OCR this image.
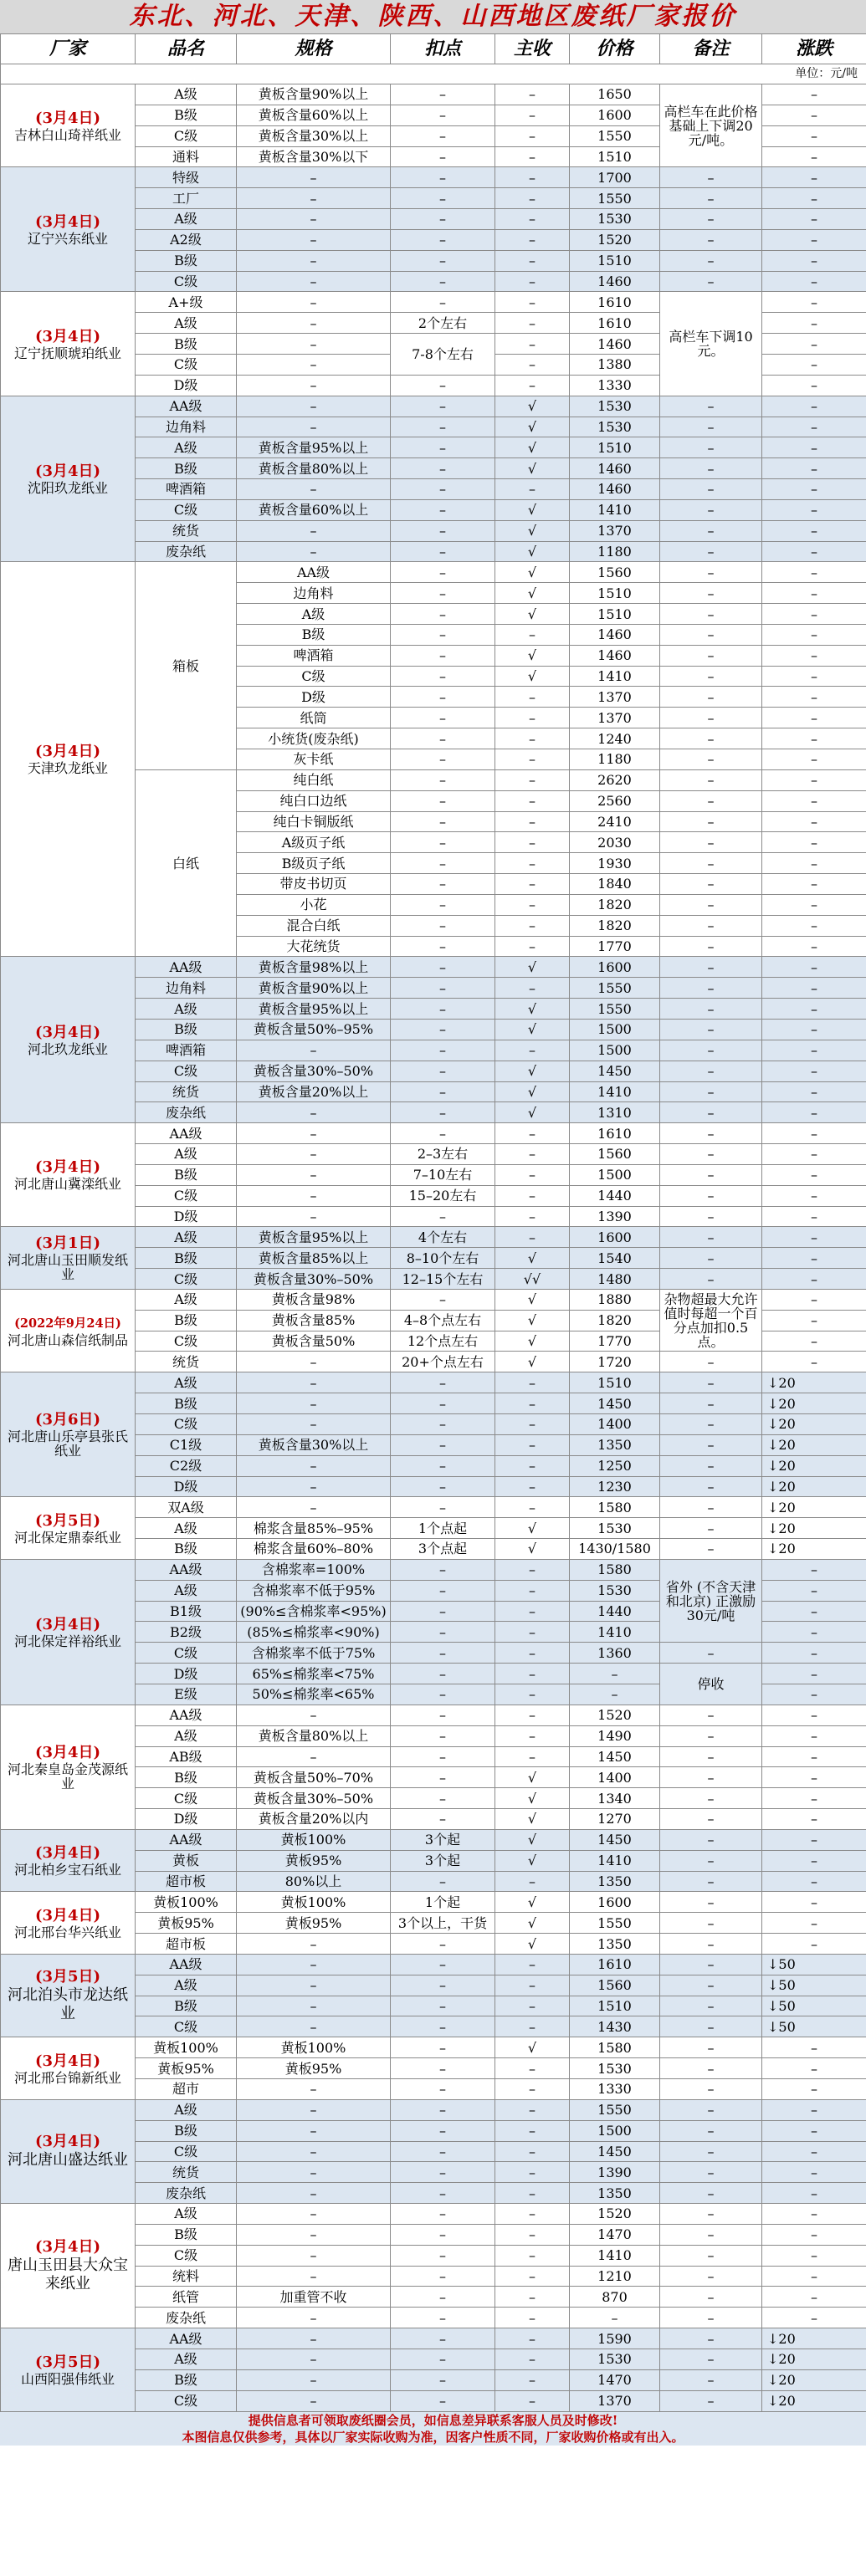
东北、河北、天津、陕西、山西地区废纸厂家报价
厂家	品名	规格	扣点	主收	价格	备注	涨跌
单位：元/吨							

(3月4日)
吉林白山琦祥纸业	A级	黄板含量90%以上	–	–	1650	高栏车在此价格基础上下调20元/吨。	–
	B级	黄板含量60%以上	–	–	1600		–
	C级	黄板含量30%以上	–	–	1550		–
	通料	黄板含量30%以下	–	–	1510		–

(3月4日)
辽宁兴东纸业	特级	–	–	–	1700	–	–
	工厂	–	–	–	1550	–	–
	A级	–	–	–	1530	–	–
	A2级	–	–	–	1520	–	–
	B级	–	–	–	1510	–	–
	C级	–	–	–	1460	–	–

(3月4日)
辽宁抚顺琥珀纸业	A+级	–	–	–	1610	高栏车下调10元。	–
	A级	–	2个左右	–	1610		–
	B级	–	7-8个左右	–	1460		–
	C级	–		–	1380		–
	D级	–	–	–	1330		–

(3月4日)
沈阳玖龙纸业	AA级	–	–	√	1530	–	–
	边角料	–	–	√	1530	–	–
	A级	黄板含量95%以上	–	√	1510	–	–
	B级	黄板含量80%以上	–	√	1460	–	–
	啤酒箱	–	–	–	1460	–	–
	C级	黄板含量60%以上	–	√	1410	–	–
	统货	–	–	√	1370	–	–
	废杂纸	–	–	√	1180	–	–

(3月4日)
天津玖龙纸业	箱板	AA级	–	√	1560	–	–
		边角料	–	√	1510	–	–
		A级	–	√	1510	–	–
		B级	–	–	1460	–	–
		啤酒箱	–	√	1460	–	–
		C级	–	√	1410	–	–
		D级	–	–	1370	–	–
		纸筒	–	–	1370	–	–
		小统货(废杂纸)	–	–	1240	–	–
		灰卡纸	–	–	1180	–	–
	白纸	纯白纸	–	–	2620	–	–
		纯白口边纸	–	–	2560	–	–
		纯白卡铜版纸	–	–	2410	–	–
		A级页子纸	–	–	2030	–	–
		B级页子纸	–	–	1930	–	–
		带皮书切页	–	–	1840	–	–
		小花	–	–	1820	–	–
		混合白纸	–	–	1820	–	–
		大花统货	–	–	1770	–	–

(3月4日)
河北玖龙纸业	AA级	黄板含量98%以上	–	√	1600	–	–
	边角料	黄板含量90%以上	–	–	1550	–	–
	A级	黄板含量95%以上	–	√	1550	–	–
	B级	黄板含量50%–95%	–	√	1500	–	–
	啤酒箱	–	–	–	1500	–	–
	C级	黄板含量30%–50%	–	√	1450	–	–
	统货	黄板含量20%以上	–	√	1410	–	–
	废杂纸	–	–	√	1310	–	–

(3月4日)
河北唐山冀滦纸业	AA级	–	–	–	1610	–	–
	A级	–	2–3左右	–	1560	–	–
	B级	–	7–10左右	–	1500	–	–
	C级	–	15–20左右	–	1440	–	–
	D级	–	–	–	1390	–	–

(3月1日)
河北唐山玉田顺发纸业	A级	黄板含量95%以上	4个左右	–	1600	–	–
	B级	黄板含量85%以上	8–10个左右	√	1540	–	–
	C级	黄板含量30%–50%	12–15个左右	√√	1480	–	–

(2022年9月24日)
河北唐山森信纸制品	A级	黄板含量98%	–	√	1880	杂物超最大允许值时每超一个百分点加扣0.5点。	–
	B级	黄板含量85%	4–8个点左右	√	1820		–
	C级	黄板含量50%	12个点左右	√	1770		–
	统货	–	20+个点左右	√	1720	–	–

(3月6日)
河北唐山乐亭县张氏纸业	A级	–	–	–	1510	–	↓20
	B级	–	–	–	1450	–	↓20
	C级	–	–	–	1400	–	↓20
	C1级	黄板含量30%以上	–	–	1350	–	↓20
	C2级	–	–	–	1250	–	↓20
	D级	–	–	–	1230	–	↓20

(3月5日)
河北保定鼎泰纸业	双A级	–	–	–	1580	–	↓20
	A级	棉浆含量85%–95%	1个点起	√	1530	–	↓20
	B级	棉浆含量60%–80%	3个点起	√	1430/1580	–	↓20

(3月4日)
河北保定祥裕纸业	AA级	含棉浆率=100%	–	–	1580	省外 (不含天津和北京) 正激励30元/吨	–
	A级	含棉浆率不低于95%	–	–	1530		–
	B1级	(90%≤含棉浆率<95%)	–	–	1440		–
	B2级	(85%≤棉浆率<90%)	–	–	1410		–
	C级	含棉浆率不低于75%	–	–	1360	–	–
	D级	65%≤棉浆率<75%	–	–	–	停收	–
	E级	50%≤棉浆率<65%	–	–	–		–

(3月4日)
河北秦皇岛金茂源纸业	AA级	–	–	–	1520	–	–
	A级	黄板含量80%以上	–	–	1490	–	–
	AB级	–	–	–	1450	–	–
	B级	黄板含量50%–70%	–	√	1400	–	–
	C级	黄板含量30%–50%	–	√	1340	–	–
	D级	黄板含量20%以内	–	√	1270	–	–

(3月4日)
河北柏乡宝石纸业	AA级	黄板100%	3个起	√	1450	–	–
	黄板	黄板95%	3个起	√	1410	–	–
	超市板	80%以上	–	–	1350	–	–

(3月4日)
河北邢台华兴纸业	黄板100%	黄板100%	1个起	√	1600	–	–
	黄板95%	黄板95%	3个以上，干货	√	1550	–	–
	超市板	–	–	√	1350	–	–

(3月5日)
河北泊头市龙达纸业	AA级	–	–	–	1610	–	↓50
	A级	–	–	–	1560	–	↓50
	B级	–	–	–	1510	–	↓50
	C级	–	–	–	1430	–	↓50

(3月4日)
河北邢台锦新纸业	黄板100%	黄板100%	–	√	1580	–	–
	黄板95%	黄板95%	–	–	1530	–	–
	超市	–	–	–	1330	–	–

(3月4日)
河北唐山盛达纸业	A级	–	–	–	1550	–	–
	B级	–	–	–	1500	–	–
	C级	–	–	–	1450	–	–
	统货	–	–	–	1390	–	–
	废杂纸	–	–	–	1350	–	–

(3月4日)
唐山玉田县大众宝来纸业	A级	–	–	–	1520	–	–
	B级	–	–	–	1470	–	–
	C级	–	–	–	1410	–	–
	统料	–	–	–	1210	–	–
	纸管	加重管不收	–	–	870	–	–
	废杂纸	–	–	–	–	–	–

(3月5日)
山西阳强伟纸业	AA级	–	–	–	1590	–	↓20
	A级	–	–	–	1530	–	↓20
	B级	–	–	–	1470	–	↓20
	C级	–	–	–	1370	–	↓20
提供信息者可领取废纸圈会员，如信息差异联系客服人员及时修改!
本图信息仅供参考，具体以厂家实际收购为准，因客户性质不同，厂家收购价格或有出入。
